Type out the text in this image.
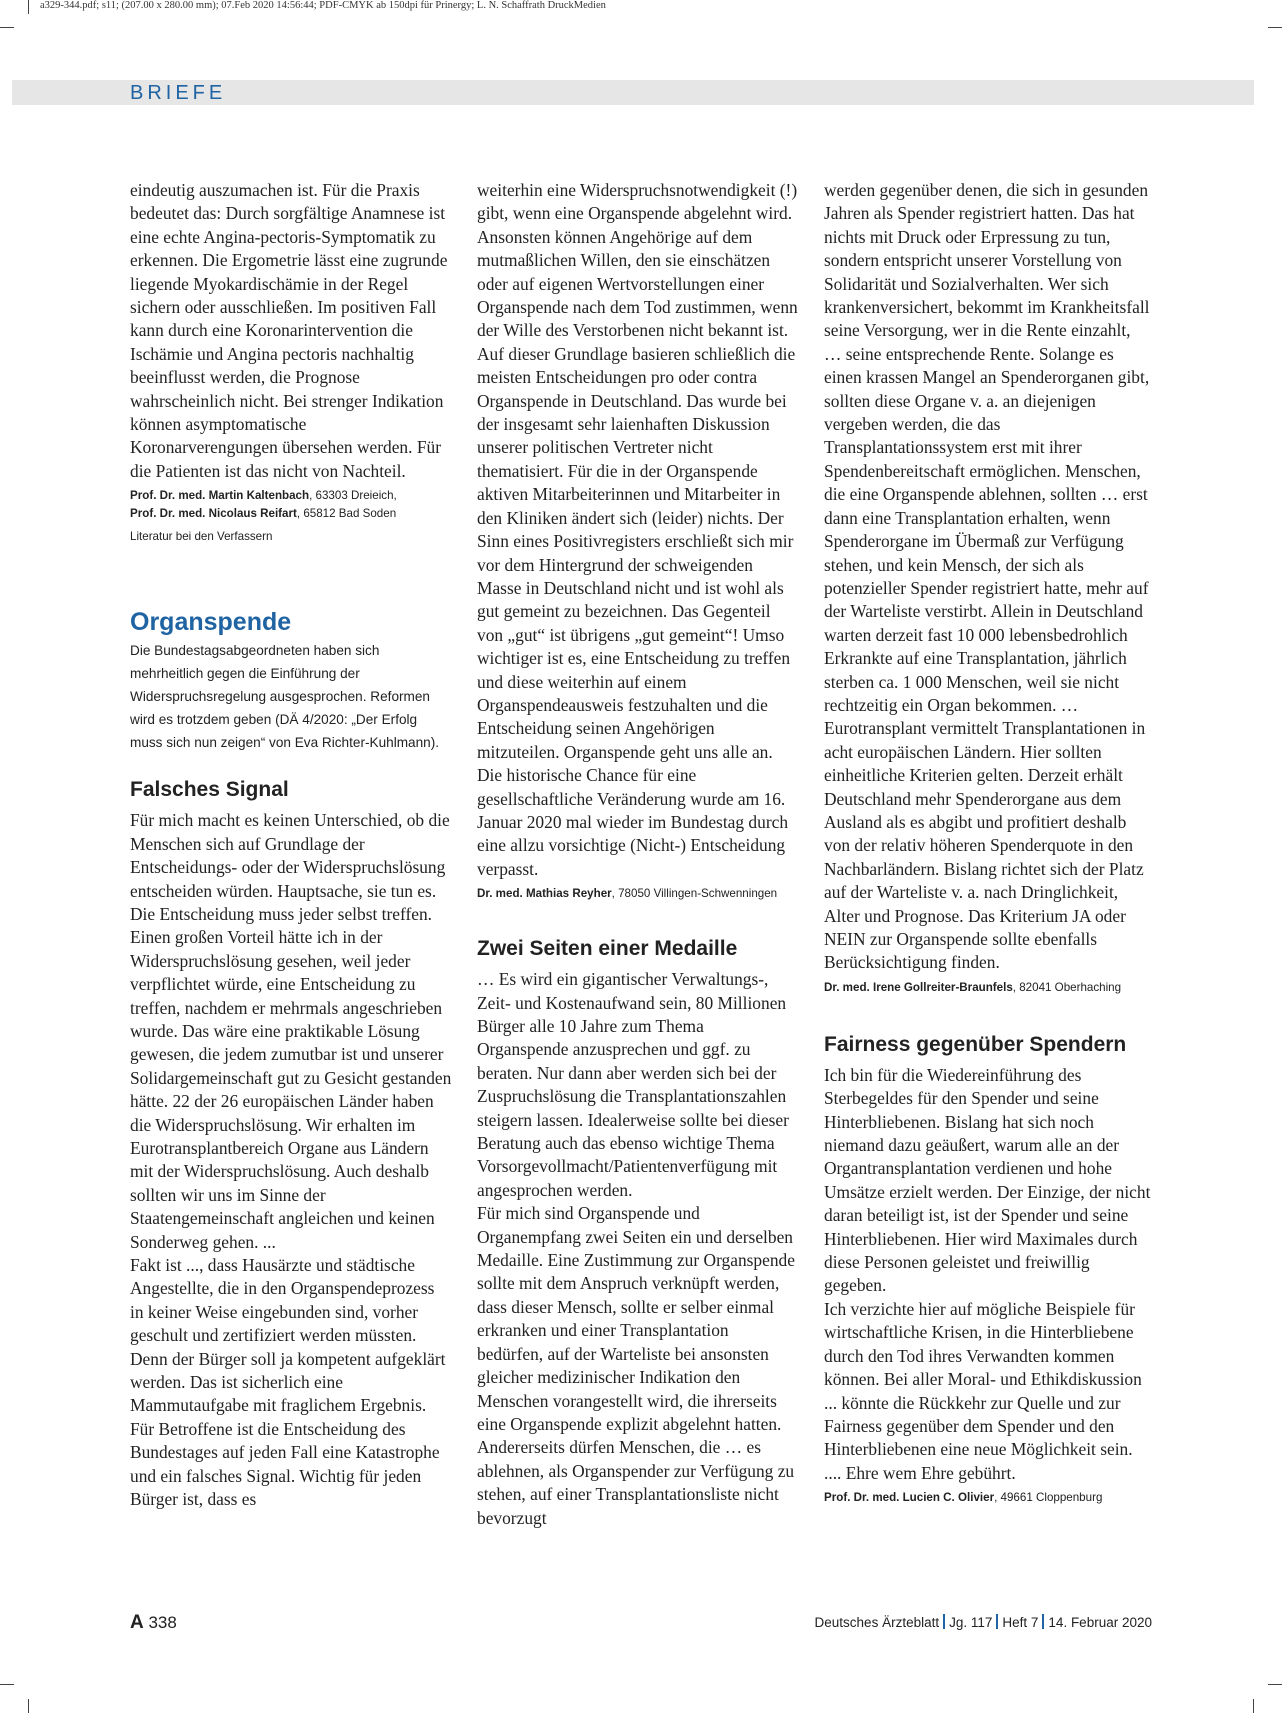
a329-344.pdf; s11; (207.00 x 280.00 mm); 07.Feb 2020 14:56:44; PDF-CMYK ab 150dpi für Prinergy; L. N. Schaffrath DruckMedien
BRIEFE

eindeutig auszumachen ist. Für die Praxis bedeutet das: Durch sorgfältige Anamnese ist eine echte Angina-pectoris-Symptomatik zu erkennen. Die Ergometrie lässt eine zugrunde liegende Myokardischämie in der Regel sichern oder ausschließen. Im positiven Fall kann durch eine Koronarintervention die Ischämie und Angina pectoris nachhaltig beeinflusst werden, die Prognose wahrscheinlich nicht. Bei strenger Indikation können asymptomatische Koronarverengungen übersehen werden. Für die Patienten ist das nicht von Nachteil.

Prof. Dr. med. Martin Kaltenbach, 63303 Dreieich,
Prof. Dr. med. Nicolaus Reifart, 65812 Bad Soden
Literatur bei den Verfassern
Organspende
Die Bundestagsabgeordneten haben sich mehrheitlich gegen die Einführung der Widerspruchsregelung ausgesprochen. Reformen wird es trotzdem geben (DÄ 4/2020: „Der Erfolg muss sich nun zeigen“ von Eva Richter-Kuhlmann).
Falsches Signal

Für mich macht es keinen Unterschied, ob die Menschen sich auf Grundlage der Entscheidungs- oder der Widerspruchslösung entscheiden würden. Hauptsache, sie tun es. Die Entscheidung muss jeder selbst treffen. Einen großen Vorteil hätte ich in der Widerspruchslösung gesehen, weil jeder verpflichtet würde, eine Entscheidung zu treffen, nachdem er mehrmals angeschrieben wurde. Das wäre eine praktikable Lösung gewesen, die jedem zumutbar ist und unserer Solidargemeinschaft gut zu Gesicht gestanden hätte. 22 der 26 europäischen Länder haben die Widerspruchslösung. Wir erhalten im Eurotransplantbereich Organe aus Ländern mit der Widerspruchslösung. Auch deshalb sollten wir uns im Sinne der Staatengemeinschaft angleichen und keinen Sonderweg gehen. ...

Fakt ist ..., dass Hausärzte und städtische Angestellte, die in den Organspendeprozess in keiner Weise eingebunden sind, vorher geschult und zertifiziert werden müssten. Denn der Bürger soll ja kompetent aufgeklärt werden. Das ist sicherlich eine Mammutaufgabe mit fraglichem Ergebnis. Für Betroffene ist die Entscheidung des Bundestages auf jeden Fall eine Katastrophe und ein falsches Signal. Wichtig für jeden Bürger ist, dass es

weiterhin eine Widerspruchsnotwendigkeit (!) gibt, wenn eine Organspende abgelehnt wird. Ansonsten können Angehörige auf dem mutmaßlichen Willen, den sie einschätzen oder auf eigenen Wertvorstellungen einer Organspende nach dem Tod zustimmen, wenn der Wille des Verstorbenen nicht bekannt ist. Auf dieser Grundlage basieren schließlich die meisten Entscheidungen pro oder contra Organspende in Deutschland. Das wurde bei der insgesamt sehr laienhaften Diskussion unserer politischen Vertreter nicht thematisiert. Für die in der Organspende aktiven Mitarbeiterinnen und Mitarbeiter in den Kliniken ändert sich (leider) nichts. Der Sinn eines Positivregisters erschließt sich mir vor dem Hintergrund der schweigenden Masse in Deutschland nicht und ist wohl als gut gemeint zu bezeichnen. Das Gegenteil von „gut“ ist übrigens „gut gemeint“! Umso wichtiger ist es, eine Entscheidung zu treffen und diese weiterhin auf einem Organspendeausweis festzuhalten und die Entscheidung seinen Angehörigen mitzuteilen. Organspende geht uns alle an. Die historische Chance für eine gesellschaftliche Veränderung wurde am 16. Januar 2020 mal wieder im Bundestag durch eine allzu vorsichtige (Nicht-) Entscheidung verpasst.

Dr. med. Mathias Reyher, 78050 Villingen-Schwenningen
Zwei Seiten einer Medaille

… Es wird ein gigantischer Verwaltungs-, Zeit- und Kostenaufwand sein, 80 Millionen Bürger alle 10 Jahre zum Thema Organspende anzusprechen und ggf. zu beraten. Nur dann aber werden sich bei der Zuspruchslösung die Transplantationszahlen steigern lassen. Idealerweise sollte bei dieser Beratung auch das ebenso wichtige Thema Vorsorgevollmacht/Patientenverfügung mit angesprochen werden.

Für mich sind Organspende und Organempfang zwei Seiten ein und derselben Medaille. Eine Zustimmung zur Organspende sollte mit dem Anspruch verknüpft werden, dass dieser Mensch, sollte er selber einmal erkranken und einer Transplantation bedürfen, auf der Warteliste bei ansonsten gleicher medizinischer Indikation den Menschen vorangestellt wird, die ihrerseits eine Organspende explizit abgelehnt hatten. Andererseits dürfen Menschen, die … es ablehnen, als Organspender zur Verfügung zu stehen, auf einer Transplantationsliste nicht bevorzugt

werden gegenüber denen, die sich in gesunden Jahren als Spender registriert hatten. Das hat nichts mit Druck oder Erpressung zu tun, sondern entspricht unserer Vorstellung von Solidarität und Sozialverhalten. Wer sich krankenversichert, bekommt im Krankheitsfall seine Versorgung, wer in die Rente einzahlt, … seine entsprechende Rente. Solange es einen krassen Mangel an Spenderorganen gibt, sollten diese Organe v. a. an diejenigen vergeben werden, die das Transplantationssystem erst mit ihrer Spendenbereitschaft ermöglichen. Menschen, die eine Organspende ablehnen, sollten … erst dann eine Transplantation erhalten, wenn Spenderorgane im Übermaß zur Verfügung stehen, und kein Mensch, der sich als potenzieller Spender registriert hatte, mehr auf der Warteliste verstirbt. Allein in Deutschland warten derzeit fast 10 000 lebensbedrohlich Erkrankte auf eine Transplantation, jährlich sterben ca. 1 000 Menschen, weil sie nicht rechtzeitig ein Organ bekommen. … Eurotransplant vermittelt Transplantationen in acht europäischen Ländern. Hier sollten einheitliche Kriterien gelten. Derzeit erhält Deutschland mehr Spenderorgane aus dem Ausland als es abgibt und profitiert deshalb von der relativ höheren Spenderquote in den Nachbarländern. Bislang richtet sich der Platz auf der Warteliste v. a. nach Dringlichkeit, Alter und Prognose. Das Kriterium JA oder NEIN zur Organspende sollte ebenfalls Berücksichtigung finden.

Dr. med. Irene Gollreiter-Braunfels, 82041 Oberhaching
Fairness gegenüber Spendern

Ich bin für die Wiedereinführung des Sterbegeldes für den Spender und seine Hinterbliebenen. Bislang hat sich noch niemand dazu geäußert, warum alle an der Organtransplantation verdienen und hohe Umsätze erzielt werden. Der Einzige, der nicht daran beteiligt ist, ist der Spender und seine Hinterbliebenen. Hier wird Maximales durch diese Personen geleistet und freiwillig gegeben.

Ich verzichte hier auf mögliche Beispiele für wirtschaftliche Krisen, in die Hinterbliebene durch den Tod ihres Verwandten kommen können. Bei aller Moral- und Ethikdiskussion ... könnte die Rückkehr zur Quelle und zur Fairness gegenüber dem Spender und den Hinterbliebenen eine neue Möglichkeit sein. .... Ehre wem Ehre gebührt.

Prof. Dr. med. Lucien C. Olivier, 49661 Cloppenburg
A 338	Deutsches Ärzteblatt Jg. 117 Heft 7 14. Februar 2020
